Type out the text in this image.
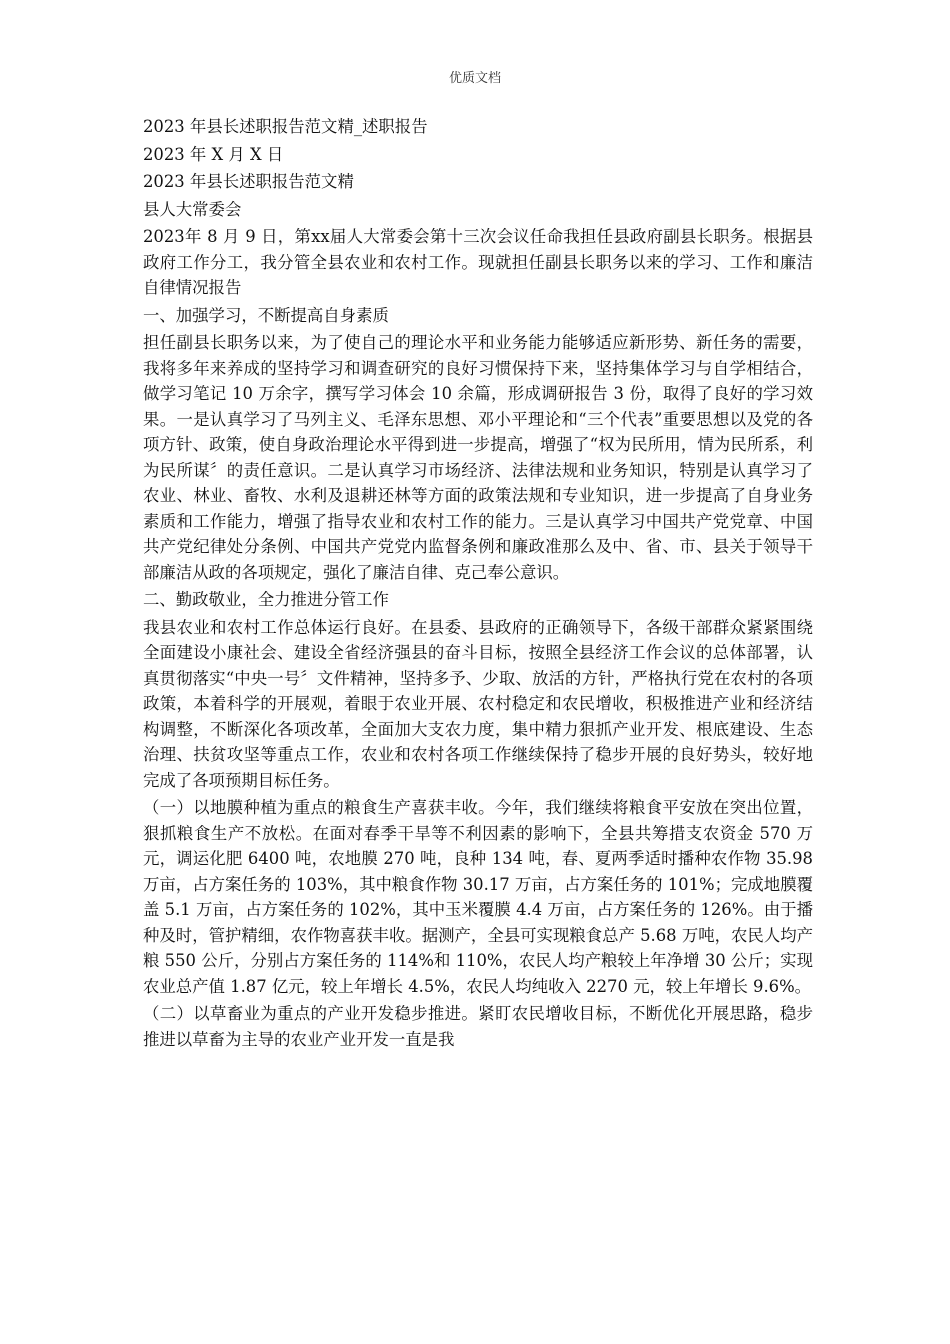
优质文档

2023 年县长述职报告范文精_述职报告

2023 年 X 月 X 日

2023 年县长述职报告范文精

县人大常委会

2023年 8 月 9 日，第xx届人大常委会第十三次会议任命我担任县政府副县长职务。根据县政府工作分工，我分管全县农业和农村工作。现就担任副县长职务以来的学习、工作和廉洁自律情况报告

一、加强学习，不断提高自身素质

担任副县长职务以来，为了使自己的理论水平和业务能力能够适应新形势、新任务的需要，我将多年来养成的坚持学习和调查研究的良好习惯保持下来，坚持集体学习与自学相结合，做学习笔记 10 万余字，撰写学习体会 10 余篇，形成调研报告 3 份，取得了良好的学习效果。一是认真学习了马列主义、毛泽东思想、邓小平理论和“三个代表”重要思想以及党的各项方针、政策，使自身政治理论水平得到进一步提高，增强了“权为民所用，情为民所系，利为民所谋〞的责任意识。二是认真学习市场经济、法律法规和业务知识，特别是认真学习了农业、林业、畜牧、水利及退耕还林等方面的政策法规和专业知识，进一步提高了自身业务素质和工作能力，增强了指导农业和农村工作的能力。三是认真学习中国共产党党章、中国共产党纪律处分条例、中国共产党党内监督条例和廉政准那么及中、省、市、县关于领导干部廉洁从政的各项规定，强化了廉洁自律、克己奉公意识。

二、勤政敬业，全力推进分管工作

我县农业和农村工作总体运行良好。在县委、县政府的正确领导下，各级干部群众紧紧围绕全面建设小康社会、建设全省经济强县的奋斗目标，按照全县经济工作会议的总体部署，认真贯彻落实“中央一号〞文件精神，坚持多予、少取、放活的方针，严格执行党在农村的各项政策，本着科学的开展观，着眼于农业开展、农村稳定和农民增收，积极推进产业和经济结构调整，不断深化各项改革，全面加大支农力度，集中精力狠抓产业开发、根底建设、生态治理、扶贫攻坚等重点工作，农业和农村各项工作继续保持了稳步开展的良好势头，较好地完成了各项预期目标任务。

（一）以地膜种植为重点的粮食生产喜获丰收。今年，我们继续将粮食平安放在突出位置，狠抓粮食生产不放松。在面对春季干旱等不利因素的影响下，全县共筹措支农资金 570 万元，调运化肥 6400 吨，农地膜 270 吨，良种 134 吨，春、夏两季适时播种农作物 35.98 万亩，占方案任务的 103%，其中粮食作物 30.17 万亩，占方案任务的 101%；完成地膜覆盖 5.1 万亩，占方案任务的 102%，其中玉米覆膜 4.4 万亩，占方案任务的 126%。由于播种及时，管护精细，农作物喜获丰收。据测产，全县可实现粮食总产 5.68 万吨，农民人均产粮 550 公斤，分别占方案任务的 114%和 110%，农民人均产粮较上年净增 30 公斤；实现农业总产值 1.87 亿元，较上年增长 4.5%，农民人均纯收入 2270 元，较上年增长 9.6%。

（二）以草畜业为重点的产业开发稳步推进。紧盯农民增收目标，不断优化开展思路，稳步推进以草畜为主导的农业产业开发一直是我
